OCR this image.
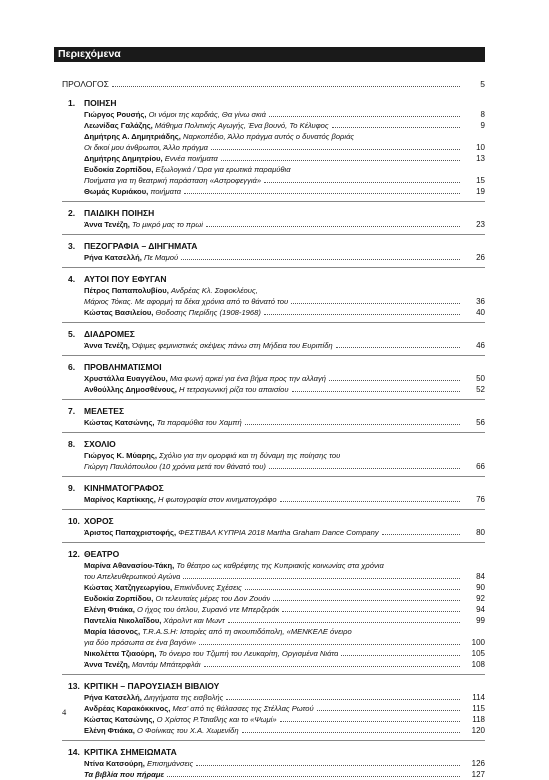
Περιεχόμενα
ΠΡΟΛΟΓΟΣ	5
1.	ΠΟΙΗΣΗ
Γιώργος Ρουσής, Οι νόμοι της καρδιάς, Θα γίνω σκιά	8
Λεωνίδας Γαλάζης, Μάθημα Πολιτικής Αγωγής, Ένα βουνό, Το Κέλυφος	9
Δημήτρης Α. Δημητριάδης, Ναρκοπέδιο, Άλλο πράγμα αυτός ο δυνατός βοριάς
Οι δικοί μου άνθρωποι, Άλλο πράγμα	10
Δημήτρης Δημητρίου, Εννέα ποιήματα	13
Ευδοκία Ζορπίδου, Εξωλογικά / Ώρα για ερωτικά παραμύθια
Ποιήματα για τη θεατρική παράσταση «Αστροφεγγιά»	15
Θωμάς Κυριάκου, ποιήματα	19
2.	ΠΑΙΔΙΚΗ ΠΟΙΗΣΗ
Άννα Τενέζη, Το μικρό μας το πρωί	23
3.	ΠΕΖΟΓΡΑΦΙΑ – ΔΙΗΓΗΜΑΤΑ
Ρήνα Κατσελλή, Πε Μαμού	26
4.	ΑΥΤΟΙ ΠΟΥ ΕΦΥΓΑΝ
Πέτρος Παπαπολυβίου, Ανδρέας Κλ. Σοφοκλέους,
Μάριος Τόκας. Με αφορμή τα δέκα χρόνια από το θάνατό του	36
Κώστας Βασιλείου, Θοδοσης Πιερίδης (1908-1968)	40
5.	ΔΙΑΔΡΟΜΕΣ
Άννα Τενέζη, Όψιμες φεμινιστικές σκέψεις πάνω στη Μήδεια του Ευριπίδη	46
6.	ΠΡΟΒΛΗΜΑΤΙΣΜΟΙ
Χρυστάλλα Ευαγγέλου, Μια φωνή αρκεί για ένα βήμα προς την αλλαγή	50
Ανθούλλης Δημοσθένους, Η τετραγωνική ρίζα του απαισίου	52
7.	ΜΕΛΕΤΕΣ
Κώστας Κατσώνης, Τα παραμύθια του Χαμπή	56
8.	ΣΧΟΛΙΟ
Γιώργος Κ. Μύαρης, Σχόλιο για την ομορφιά και τη δύναμη της ποίησης του
Γιώργη Παυλόπουλου (10 χρόνια μετά τον θάνατό του)	66
9.	ΚΙΝΗΜΑΤΟΓΡΑΦΟΣ
Μαρίνος Καρτίκκης, Η φωτογραφία στον κινηματογράφο	76
10. ΧΟΡΟΣ
Άριστος Παπαχριστοφής, ΦΕΣΤΙΒΑΛ ΚΥΠΡΙΑ 2018 Martha Graham Dance Company	80
12. ΘΕΑΤΡΟ
Μαρίνα Αθανασίου-Τάκη, Το θέατρο ως καθρέφτης της Κυπριακής κοινωνίας στα χρόνια
του Απελευθερωτικού Αγώνα	84
Κώστας Χατζηγεωργίου, Επικίνδυνες Σχέσεις	90
Ευδοκία Ζορπίδου, Οι τελευταίες μέρες του Δον Ζουάν	92
Ελένη Φτιάκα, Ο ήχος του όπλου, Συρανό ντε Μπερζεράκ	94
Παντελία Νικολαΐδου, Χάρολντ και Μωντ	99
Μαρία Ιάσονος, T.R.A.S.H: Ιστορίες από τη σκουπιδόπολη, «ΜΕΝΚΕΛΕ όνειρο
για δύο πρόσωπα σε ένα βαγόνι»	100
Νικολέττα Τζιαούρη, Το όνειρο του Τζιμπή του Λευκαρίτη, Οργισμένα Νιάτα	105
Άννα Τενέζη, Μαντάμ Μπάτερφλάι	108
13. ΚΡΙΤΙΚΗ – ΠΑΡΟΥΣΙΑΣΗ ΒΙΒΛΙΟΥ
Ρήνα Κατσελλή, Διηγήματα της εισβολής	114
Ανδρέας Καρακόκκινος, Μεσ' από τις θάλασσες της Στέλλας Ρωτού	115
Κώστας Κατσώνης, Ο Χρίστος Ρ.Τσιαΐλης και το «Ψωμί»	118
Ελένη Φτιάκα, Ο Φοίνικας του Χ.Α. Χωμενίδη	120
14. ΚΡΙΤΙΚΑ ΣΗΜΕΙΩΜΑΤΑ
Ντίνα Κατσούρη, Επισημάνσεις	126
Τα βιβλία που πήραμε	127
4
